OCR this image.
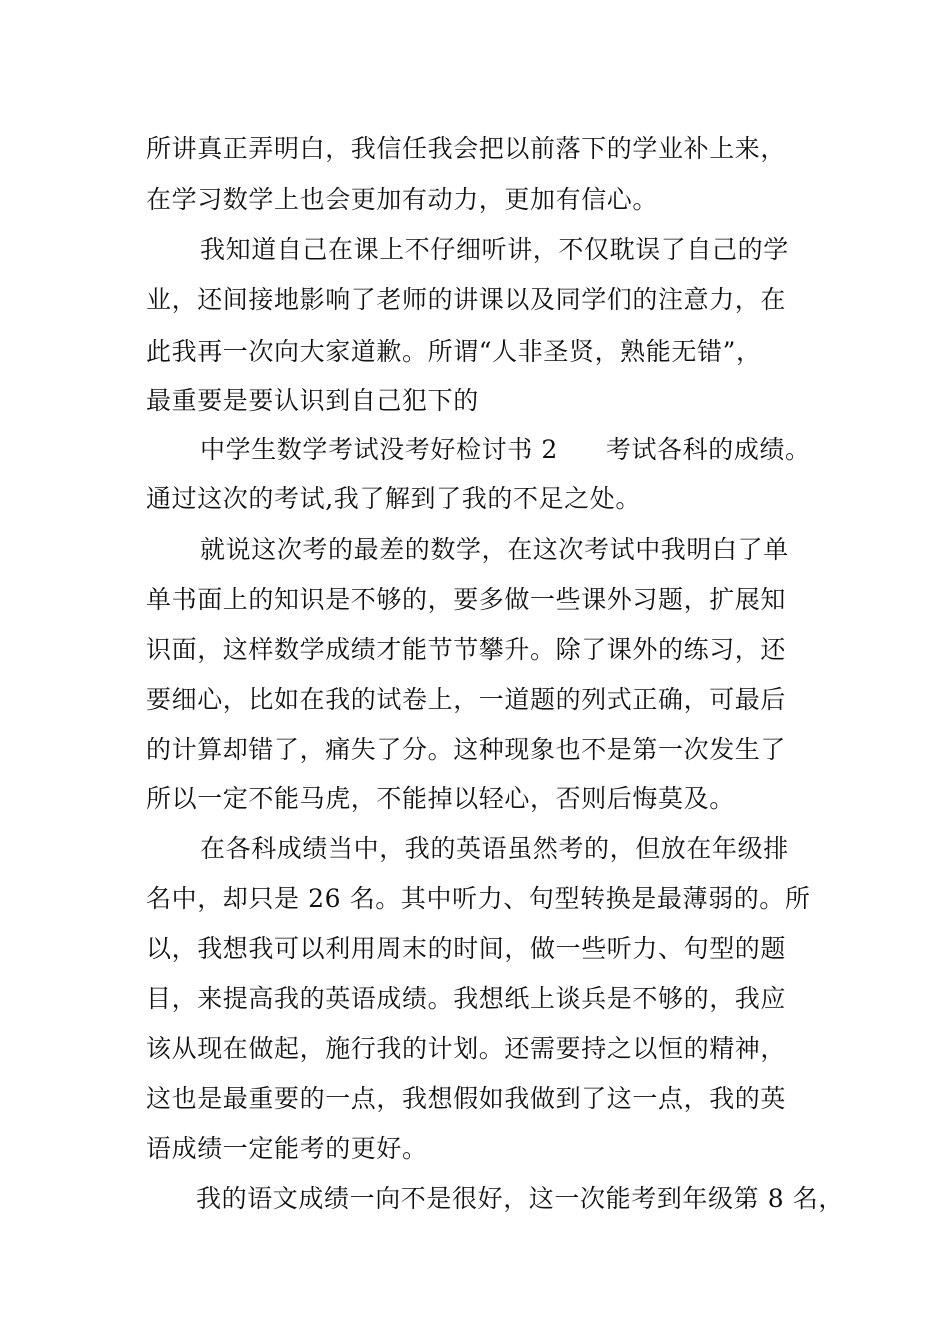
所讲真正弄明白，我信任我会把以前落下的学业补上来，
在学习数学上也会更加有动力，更加有信心。
我知道自己在课上不仔细听讲，不仅耽误了自己的学
业，还间接地影响了老师的讲课以及同学们的注意力，在
此我再一次向大家道歉。所谓“人非圣贤，熟能无错”，
最重要是要认识到自己犯下的
中学生数学考试没考好检讨书 2 考试各科的成绩。
通过这次的考试,我了解到了我的不足之处。
就说这次考的最差的数学，在这次考试中我明白了单
单书面上的知识是不够的，要多做一些课外习题，扩展知
识面，这样数学成绩才能节节攀升。除了课外的练习，还
要细心，比如在我的试卷上，一道题的列式正确，可最后
的计算却错了，痛失了分。这种现象也不是第一次发生了
所以一定不能马虎，不能掉以轻心，否则后悔莫及。
在各科成绩当中，我的英语虽然考的，但放在年级排
名中，却只是 26 名。其中听力、句型转换是最薄弱的。所
以，我想我可以利用周末的时间，做一些听力、句型的题
目，来提高我的英语成绩。我想纸上谈兵是不够的，我应
该从现在做起，施行我的计划。还需要持之以恒的精神，
这也是最重要的一点，我想假如我做到了这一点，我的英
语成绩一定能考的更好。
我的语文成绩一向不是很好，这一次能考到年级第 8 名，
